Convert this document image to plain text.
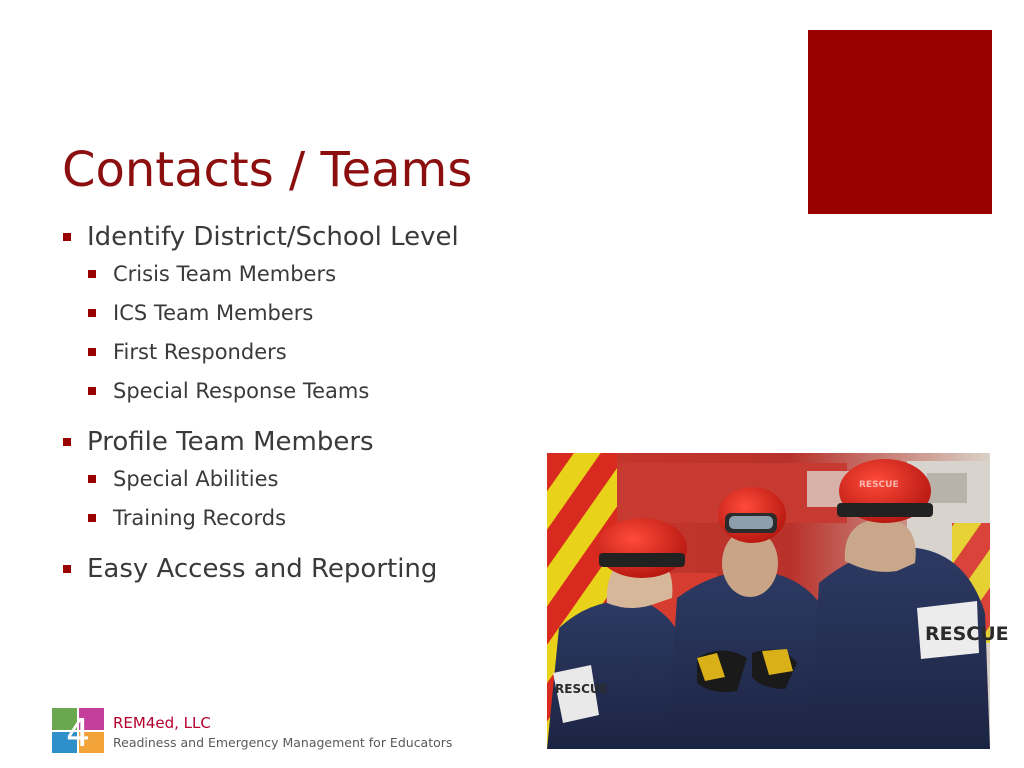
Contacts / Teams
Identify District/School Level
Crisis Team Members
ICS Team Members
First Responders
Special Response Teams
Profile Team Members
Special Abilities
Training Records
Easy Access and Reporting
RESCUE
RESCUE
RESCUE
4 REM4ed, LLC
Readiness and Emergency Management for Educators
